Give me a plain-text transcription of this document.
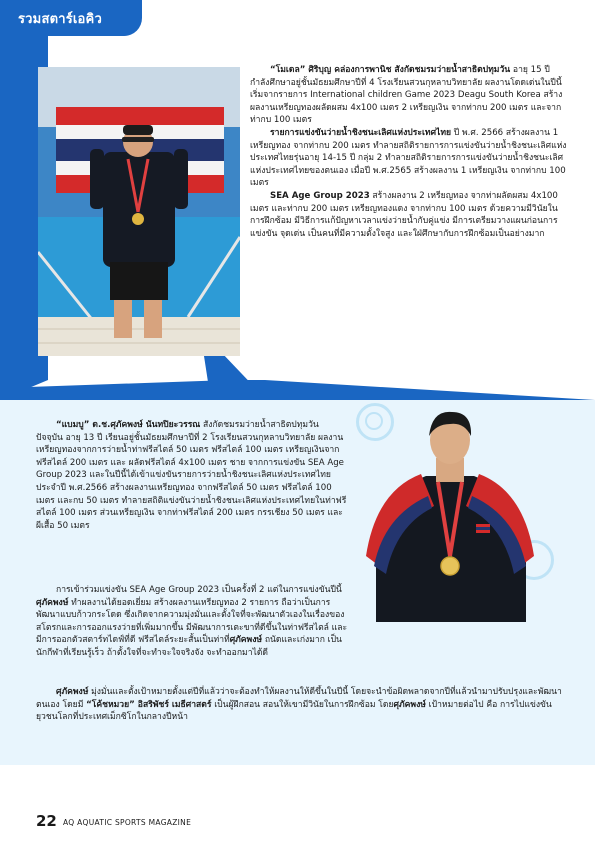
รวมสตาร์เอคิว

“โมเดล” ศิริบุญ คล่องการพานิช สังกัดชมรมว่ายน้ำสาธิตปทุมวัน อายุ 15 ปี กำลังศึกษาอยู่ชั้นมัธยมศึกษาปีที่ 4 โรงเรียนสวนกุหลาบวิทยาลัย ผลงานโดดเด่นในปีนี้ เริ่มจากรายการ International children Game 2023 Deagu South Korea สร้างผลงานเหรียญทองผลัดผสม 4x100 เมตร 2 เหรียญเงิน จากท่ากบ 200 เมตร และจากท่ากบ 100 เมตร

รายการแข่งขันว่ายน้ำชิงชนะเลิศแห่งประเทศไทย ปี พ.ศ. 2566 สร้างผลงาน 1 เหรียญทอง จากท่ากบ 200 เมตร ทำลายสถิติรายการการแข่งขันว่ายน้ำชิงชนะเลิศแห่งประเทศไทยรุ่นอายุ 14-15 ปี กลุ่ม 2 ทำลายสถิติรายการการแข่งขันว่ายน้ำชิงชนะเลิศแห่งประเทศไทยของตนเอง เมื่อปี พ.ศ.2565 สร้างผลงาน 1 เหรียญเงิน จากท่ากบ 100 เมตร

SEA Age Group 2023 สร้างผลงาน 2 เหรียญทอง จากท่าผลัดผสม 4x100 เมตร และท่ากบ 200 เมตร เหรียญทองแดง จากท่ากบ 100 เมตร ด้วยความมีวินัยในการฝึกซ้อม มีวิธีการแก้ปัญหาเวลาแข่งว่ายน้ำกับคู่แข่ง มีการเตรียมวางแผนก่อนการแข่งขัน จุดเด่น เป็นคนที่มีความตั้งใจสูง และใฝ่ศึกษากับการฝึกซ้อมเป็นอย่างมาก

“แบมบู” ด.ช.ศุภัคพงษ์ นันทปิยะวรรณ สังกัดชมรมว่ายน้ำสาธิตปทุมวัน ปัจจุบัน อายุ 13 ปี เรียนอยู่ชั้นมัธยมศึกษาปีที่ 2 โรงเรียนสวนกุหลาบวิทยาลัย ผลงานเหรียญทองจากการว่ายน้ำท่าฟรีสไตล์ 50 เมตร ฟรีสไตล์ 100 เมตร เหรียญเงินจากฟรีสไตล์ 200 เมตร และ ผลัดฟรีสไตล์ 4x100 เมตร ชาย จากการแข่งขัน SEA Age Group 2023 และในปีนี้ได้เข้าแข่งขันรายการว่ายน้ำชิงชนะเลิศแห่งประเทศไทย ประจำปี พ.ศ.2566 สร้างผลงานเหรียญทอง จากฟรีสไตล์ 50 เมตร ฟรีสไตล์ 100 เมตร และกบ 50 เมตร ทำลายสถิติแข่งขันว่ายน้ำชิงชนะเลิศแห่งประเทศไทยในท่าฟรีสไตล์ 100 เมตร ส่วนเหรียญเงิน จากท่าฟรีสไตล์ 200 เมตร กรรเชียง 50 เมตร และผีเสื้อ 50 เมตร

การเข้าร่วมแข่งขัน SEA Age Group 2023 เป็นครั้งที่ 2 แต่ในการแข่งขันปีนี้ ศุภัคพงษ์ ทำผลงานได้ยอดเยี่ยม สร้างผลงานเหรียญทอง 2 รายการ ถือว่าเป็นการพัฒนาแบบก้าวกระโดด ซึ่งเกิดจากความมุ่งมั่นและตั้งใจที่จะพัฒนาตัวเองในเรื่องของสโตรกและการออกแรงว่ายที่เพิ่มมากขึ้น มีพัฒนาการเตะขาที่ดีขึ้นในท่าฟรีสไตล์ และมีการออกตัวสตาร์ทไดฟ์ที่ดี ฟรีสไตล์ระยะสั้นเป็นท่าที่ศุภัคพงษ์ ถนัดและเก่งมาก เป็นนักกีฬาที่เรียนรู้เร็ว ถ้าตั้งใจที่จะทำจะใจจริงจัง จะทำออกมาได้ดี

ศุภัคพงษ์ มุ่งมั่นและตั้งเป้าหมายตั้งแต่ปีที่แล้วว่าจะต้องทำให้ผลงานให้ดีขึ้นในปีนี้ โดยจะนำข้อผิดพลาดจากปีที่แล้วนำมาปรับปรุงและพัฒนาตนเอง โดยมี “โค้ชหมวย” อิสริพัชร์ เมธีศาสตร์ เป็นผู้ฝึกสอน สอนให้เขามีวินัยในการฝึกซ้อม โดยศุภัคพงษ์ เป้าหมายต่อไป คือ การไปแข่งขันยุวชนโลกที่ประเทศเม็กซิโกในกลางปีหน้า

22 AQ AQUATIC SPORTS MAGAZINE
